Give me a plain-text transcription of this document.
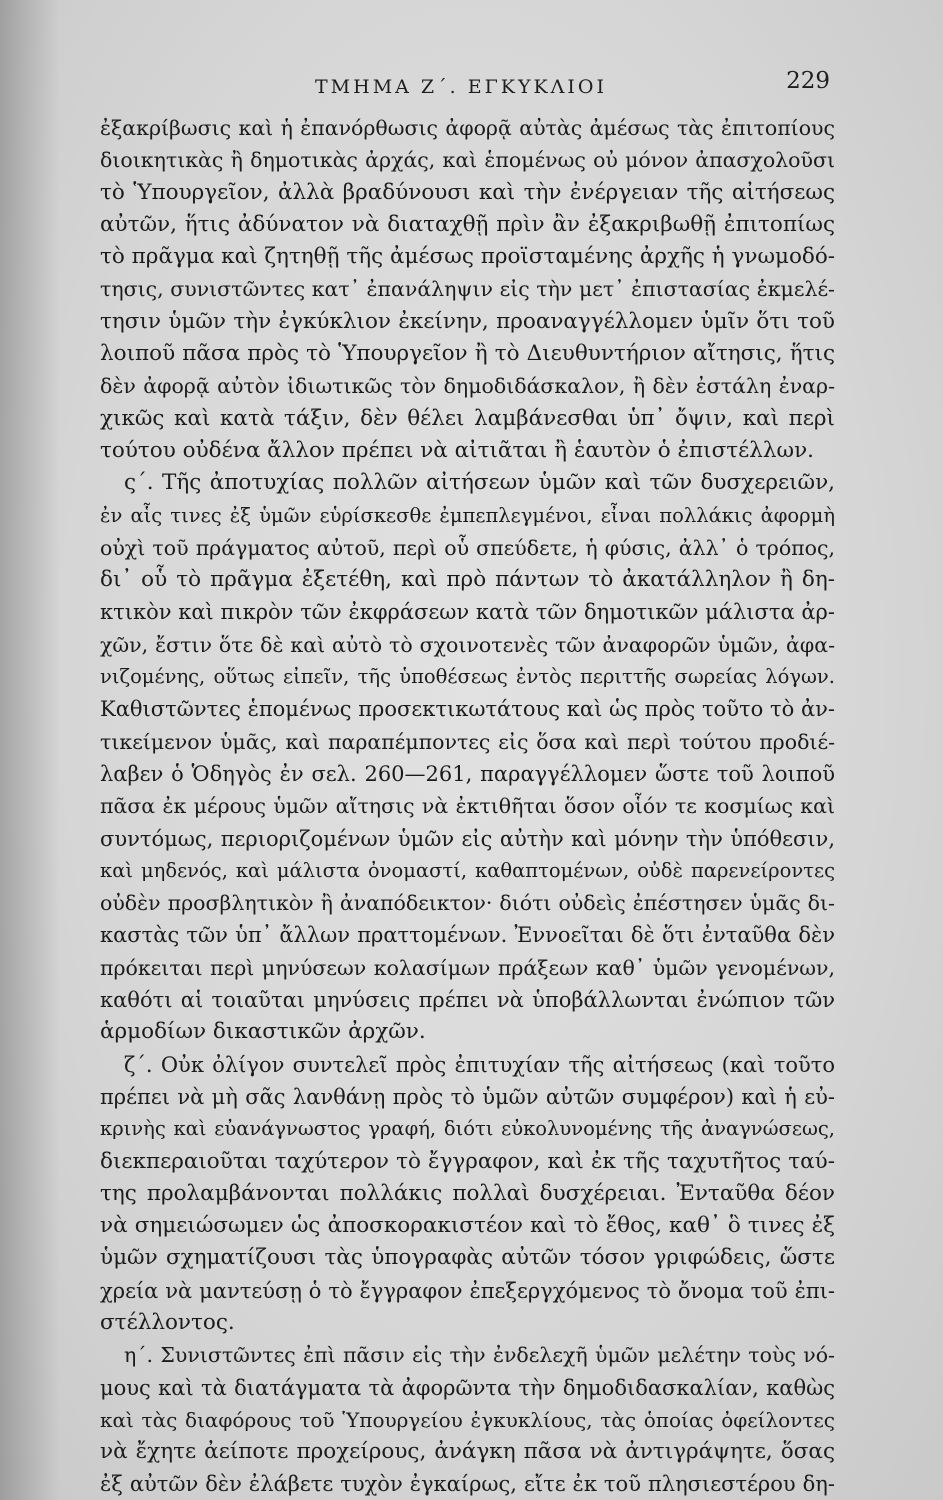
ΤΜΗΜΑ Ζ΄. ΕΓΚΥΚΛΙΟΙ	229
ἐξακρίβωσις καὶ ἡ ἐπανόρθωσις ἀφορᾷ αὐτὰς ἀμέσως τὰς ἐπιτοπίους
διοικητικὰς ἢ δημοτικὰς ἀρχάς, καὶ ἑπομένως οὐ μόνον ἀπασχολοῦσι
τὸ Ὑπουργεῖον, ἀλλὰ βραδύνουσι καὶ τὴν ἐνέργειαν τῆς αἰτήσεως
αὐτῶν, ἥτις ἀδύνατον νὰ διαταχθῇ πρὶν ἂν ἐξακριβωθῇ ἐπιτοπίως
τὸ πρᾶγμα καὶ ζητηθῇ τῆς ἀμέσως προϊσταμένης ἀρχῆς ἡ γνωμοδό-
τησις, συνιστῶντες κατ᾽ ἐπανάληψιν εἰς τὴν μετ᾽ ἐπιστασίας ἐκμελέ-
τησιν ὑμῶν τὴν ἐγκύκλιον ἐκείνην, προαναγγέλλομεν ὑμῖν ὅτι τοῦ
λοιποῦ πᾶσα πρὸς τὸ Ὑπουργεῖον ἢ τὸ Διευθυντήριον αἴτησις, ἥτις
δὲν ἀφορᾷ αὐτὸν ἰδιωτικῶς τὸν δημοδιδάσκαλον, ἢ δὲν ἐστάλη ἐναρ-
χικῶς καὶ κατὰ τάξιν, δὲν θέλει λαμβάνεσθαι ὑπ᾽ ὄψιν, καὶ περὶ
τούτου οὐδένα ἄλλον πρέπει νὰ αἰτιᾶται ἢ ἑαυτὸν ὁ ἐπιστέλλων.
ς΄. Τῆς ἀποτυχίας πολλῶν αἰτήσεων ὑμῶν καὶ τῶν δυσχερειῶν,
ἐν αἷς τινες ἐξ ὑμῶν εὑρίσκεσθε ἐμπεπλεγμένοι, εἶναι πολλάκις ἀφορμὴ
οὐχὶ τοῦ πράγματος αὐτοῦ, περὶ οὗ σπεύδετε, ἡ φύσις, ἀλλ᾽ ὁ τρόπος,
δι᾽ οὗ τὸ πρᾶγμα ἐξετέθη, καὶ πρὸ πάντων τὸ ἀκατάλληλον ἢ δη-
κτικὸν καὶ πικρὸν τῶν ἐκφράσεων κατὰ τῶν δημοτικῶν μάλιστα ἀρ-
χῶν, ἔστιν ὅτε δὲ καὶ αὐτὸ τὸ σχοινοτενὲς τῶν ἀναφορῶν ὑμῶν, ἀφα-
νιζομένης, οὕτως εἰπεῖν, τῆς ὑποθέσεως ἐντὸς περιττῆς σωρείας λόγων.
Καθιστῶντες ἑπομένως προσεκτικωτάτους καὶ ὡς πρὸς τοῦτο τὸ ἀν-
τικείμενον ὑμᾶς, καὶ παραπέμποντες εἰς ὅσα καὶ περὶ τούτου προδιέ-
λαβεν ὁ Ὁδηγὸς ἐν σελ. 260—261, παραγγέλλομεν ὥστε τοῦ λοιποῦ
πᾶσα ἐκ μέρους ὑμῶν αἴτησις νὰ ἐκτιθῆται ὅσον οἷόν τε κοσμίως καὶ
συντόμως, περιοριζομένων ὑμῶν εἰς αὐτὴν καὶ μόνην τὴν ὑπόθεσιν,
καὶ μηδενός, καὶ μάλιστα ὀνομαστί, καθαπτομένων, οὐδὲ παρενείροντες
οὐδὲν προσβλητικὸν ἢ ἀναπόδεικτον· διότι οὐδεὶς ἐπέστησεν ὑμᾶς δι-
καστὰς τῶν ὑπ᾽ ἄλλων πραττομένων. Ἐννοεῖται δὲ ὅτι ἐνταῦθα δὲν
πρόκειται περὶ μηνύσεων κολασίμων πράξεων καθ᾽ ὑμῶν γενομένων,
καθότι αἱ τοιαῦται μηνύσεις πρέπει νὰ ὑποβάλλωνται ἐνώπιον τῶν
ἁρμοδίων δικαστικῶν ἀρχῶν.
ζ΄. Οὐκ ὀλίγον συντελεῖ πρὸς ἐπιτυχίαν τῆς αἰτήσεως (καὶ τοῦτο
πρέπει νὰ μὴ σᾶς λανθάνῃ πρὸς τὸ ὑμῶν αὐτῶν συμφέρον) καὶ ἡ εὐ-
κρινὴς καὶ εὐανάγνωστος γραφή, διότι εὐκολυνομένης τῆς ἀναγνώσεως,
διεκπεραιοῦται ταχύτερον τὸ ἔγγραφον, καὶ ἐκ τῆς ταχυτῆτος ταύ-
της προλαμβάνονται πολλάκις πολλαὶ δυσχέρειαι. Ἐνταῦθα δέον
νὰ σημειώσωμεν ὡς ἀποσκορακιστέον καὶ τὸ ἔθος, καθ᾽ ὃ τινες ἐξ
ὑμῶν σχηματίζουσι τὰς ὑπογραφὰς αὐτῶν τόσον γριφώδεις, ὥστε
χρεία νὰ μαντεύσῃ ὁ τὸ ἔγγραφον ἐπεξεργχόμενος τὸ ὄνομα τοῦ ἐπι-
στέλλοντος.
η΄. Συνιστῶντες ἐπὶ πᾶσιν εἰς τὴν ἐνδελεχῆ ὑμῶν μελέτην τοὺς νό-
μους καὶ τὰ διατάγματα τὰ ἀφορῶντα τὴν δημοδιδασκαλίαν, καθὼς
καὶ τὰς διαφόρους τοῦ Ὑπουργείου ἐγκυκλίους, τὰς ὁποίας ὀφείλοντες
νὰ ἔχητε ἀείποτε προχείρους, ἀνάγκη πᾶσα νὰ ἀντιγράψητε, ὅσας
ἐξ αὐτῶν δὲν ἐλάβετε τυχὸν ἐγκαίρως, εἴτε ἐκ τοῦ πλησιεστέρου δη-
